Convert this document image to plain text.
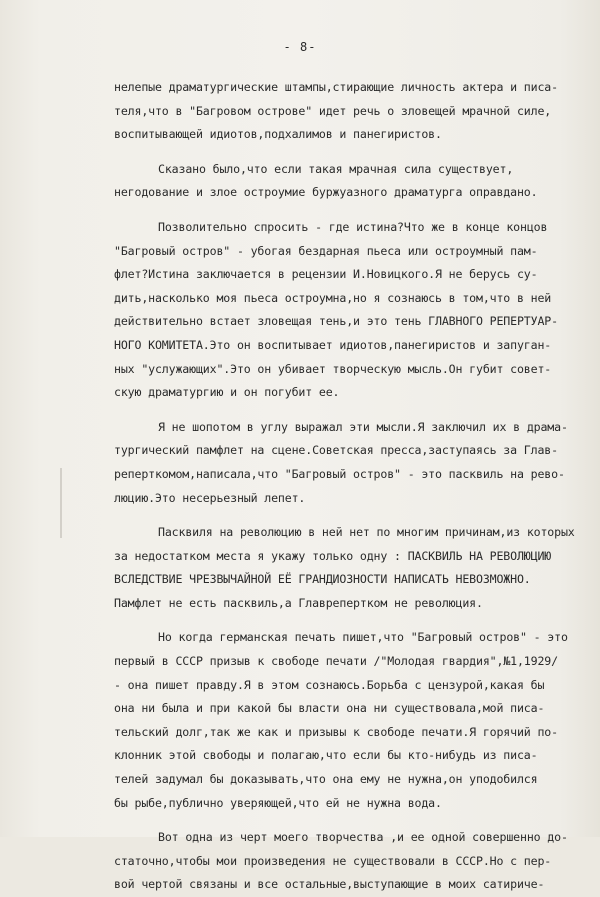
- 8-

нелепые драматургические штампы,стирающие личность актера и писа-
теля,что в "Багровом острове" идет речь о зловещей мрачной силе,
воспитывающей идиотов,подхалимов и панегиристов.

Сказано было,что если такая мрачная сила существует,
негодование и злое остроумие буржуазного драматурга оправдано.

Позволительно спросить - где истина?Что же в конце концов
"Багровый остров" - убогая бездарная пьеса или остроумный пам-
флет?Истина заключается в рецензии И.Новицкого.Я не берусь су-
дить,насколько моя пьеса остроумна,но я сознаюсь в том,что в ней
действительно встает зловещая тень,и это тень ГЛАВНОГО РЕПЕРТУАР-
НОГО КОМИТЕТА.Это он воспитывает идиотов,панегиристов и запуган-
ных "услужающих".Это он убивает творческую мысль.Он губит совет-
скую драматургию и он погубит ее.

Я не шопотом в углу выражал эти мысли.Я заключил их в драма-
тургический памфлет на сцене.Советская пресса,заступаясь за Глав-
реперткомом,написала,что "Багровый остров" - это пасквиль на рево-
люцию.Это несерьезный лепет.

Пасквиля на революцию в ней нет по многим причинам,из которых
за недостатком места я укажу только одну : ПАСКВИЛЬ НА РЕВОЛЮЦИЮ
ВСЛЕДСТВИЕ ЧРЕЗВЫЧАЙНОЙ ЕЁ ГРАНДИОЗНОСТИ НАПИСАТЬ НЕВОЗМОЖНО.
Памфлет не есть пасквиль,а Главрепертком не революция.

Но когда германская печать пишет,что "Багровый остров" - это
первый в СССР призыв к свободе печати /"Молодая гвардия",№1,1929/
- она пишет правду.Я в этом сознаюсь.Борьба с цензурой,какая бы
она ни была и при какой бы власти она ни существовала,мой писа-
тельский долг,так же как и призывы к свободе печати.Я горячий по-
клонник этой свободы и полагаю,что если бы кто-нибудь из писа-
телей задумал бы доказывать,что она ему не нужна,он уподобился
бы рыбе,публично уверяющей,что ей не нужна вода.

Вот одна из черт моего творчества ,и ее одной совершенно до-
статочно,чтобы мои произведения не существовали в СССР.Но с пер-
вой чертой связаны и все остальные,выступающие в моих сатириче-
